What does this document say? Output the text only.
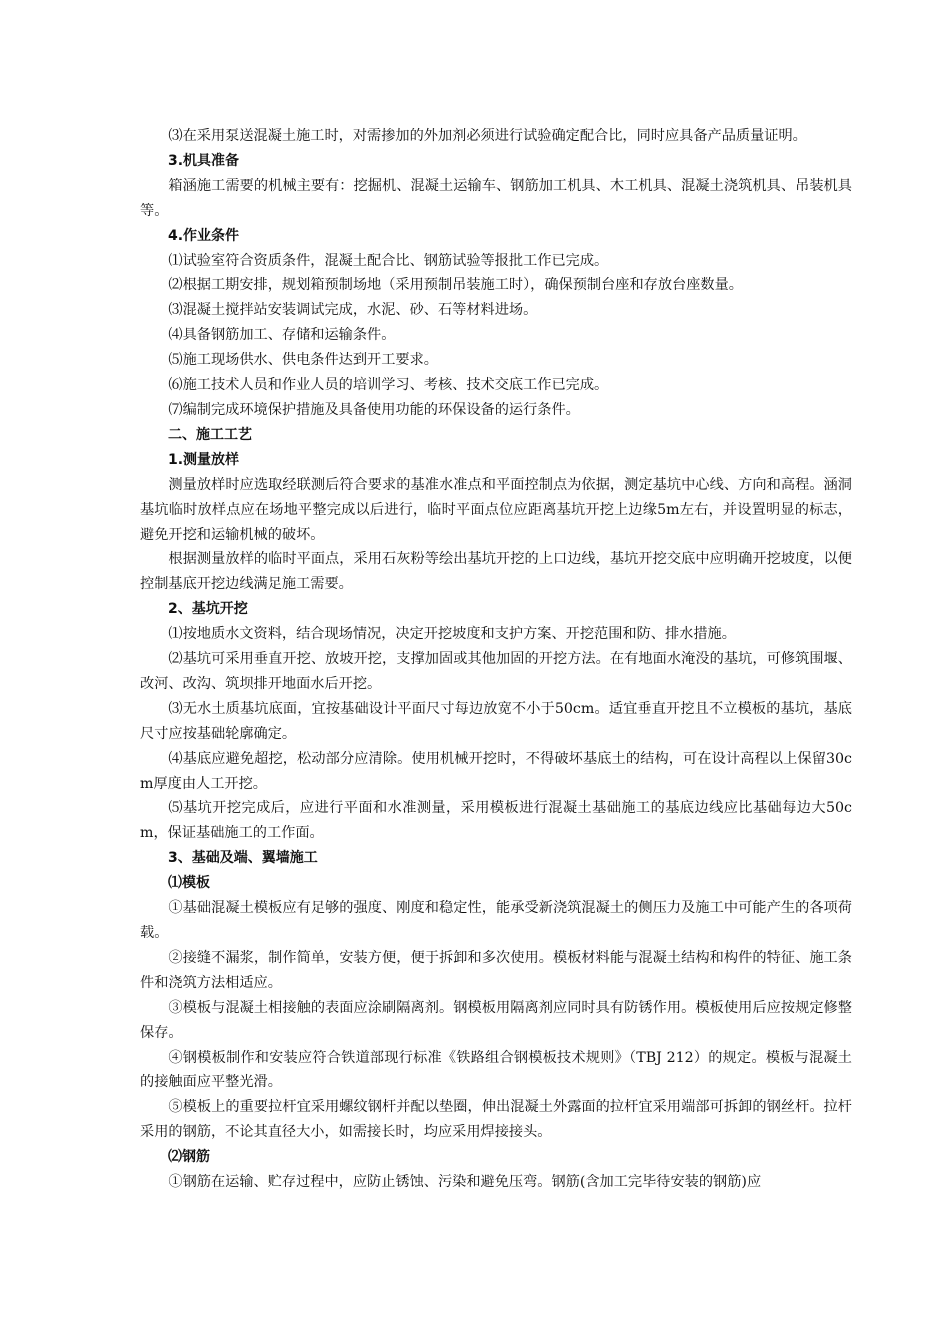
⑶在采用泵送混凝土施工时，对需掺加的外加剂必须进行试验确定配合比，同时应具备产品质量证明。

3.机具准备

箱涵施工需要的机械主要有：挖掘机、混凝土运输车、钢筋加工机具、木工机具、混凝土浇筑机具、吊装机具等。

4.作业条件

⑴试验室符合资质条件，混凝土配合比、钢筋试验等报批工作已完成。

⑵根据工期安排，规划箱预制场地（采用预制吊装施工时），确保预制台座和存放台座数量。

⑶混凝土搅拌站安装调试完成，水泥、砂、石等材料进场。

⑷具备钢筋加工、存储和运输条件。

⑸施工现场供水、供电条件达到开工要求。

⑹施工技术人员和作业人员的培训学习、考核、技术交底工作已完成。

⑺编制完成环境保护措施及具备使用功能的环保设备的运行条件。

二、施工工艺

1.测量放样

测量放样时应选取经联测后符合要求的基准水准点和平面控制点为依据，测定基坑中心线、方向和高程。涵洞基坑临时放样点应在场地平整完成以后进行，临时平面点位应距离基坑开挖上边缘5m左右，并设置明显的标志，避免开挖和运输机械的破坏。

根据测量放样的临时平面点，采用石灰粉等绘出基坑开挖的上口边线，基坑开挖交底中应明确开挖坡度，以便控制基底开挖边线满足施工需要。

2、基坑开挖

⑴按地质水文资料，结合现场情况，决定开挖坡度和支护方案、开挖范围和防、排水措施。

⑵基坑可采用垂直开挖、放坡开挖，支撑加固或其他加固的开挖方法。在有地面水淹没的基坑，可修筑围堰、改河、改沟、筑坝排开地面水后开挖。

⑶无水土质基坑底面，宜按基础设计平面尺寸每边放宽不小于50cm。适宜垂直开挖且不立模板的基坑，基底尺寸应按基础轮廓确定。

⑷基底应避免超挖，松动部分应清除。使用机械开挖时，不得破坏基底土的结构，可在设计高程以上保留30cm厚度由人工开挖。

⑸基坑开挖完成后，应进行平面和水准测量，采用模板进行混凝土基础施工的基底边线应比基础每边大50cm，保证基础施工的工作面。

3、基础及端、翼墙施工

⑴模板

①基础混凝土模板应有足够的强度、刚度和稳定性，能承受新浇筑混凝土的侧压力及施工中可能产生的各项荷载。

②接缝不漏浆，制作简单，安装方便，便于拆卸和多次使用。模板材料能与混凝土结构和构件的特征、施工条件和浇筑方法相适应。

③模板与混凝土相接触的表面应涂刷隔离剂。钢模板用隔离剂应同时具有防锈作用。模板使用后应按规定修整保存。

④钢模板制作和安装应符合铁道部现行标准《铁路组合钢模板技术规则》（TBJ 212）的规定。模板与混凝土的接触面应平整光滑。

⑤模板上的重要拉杆宜采用螺纹钢杆并配以垫圈，伸出混凝土外露面的拉杆宜采用端部可拆卸的钢丝杆。拉杆采用的钢筋，不论其直径大小，如需接长时，均应采用焊接接头。

⑵钢筋

①钢筋在运输、贮存过程中，应防止锈蚀、污染和避免压弯。钢筋(含加工完毕待安装的钢筋)应
